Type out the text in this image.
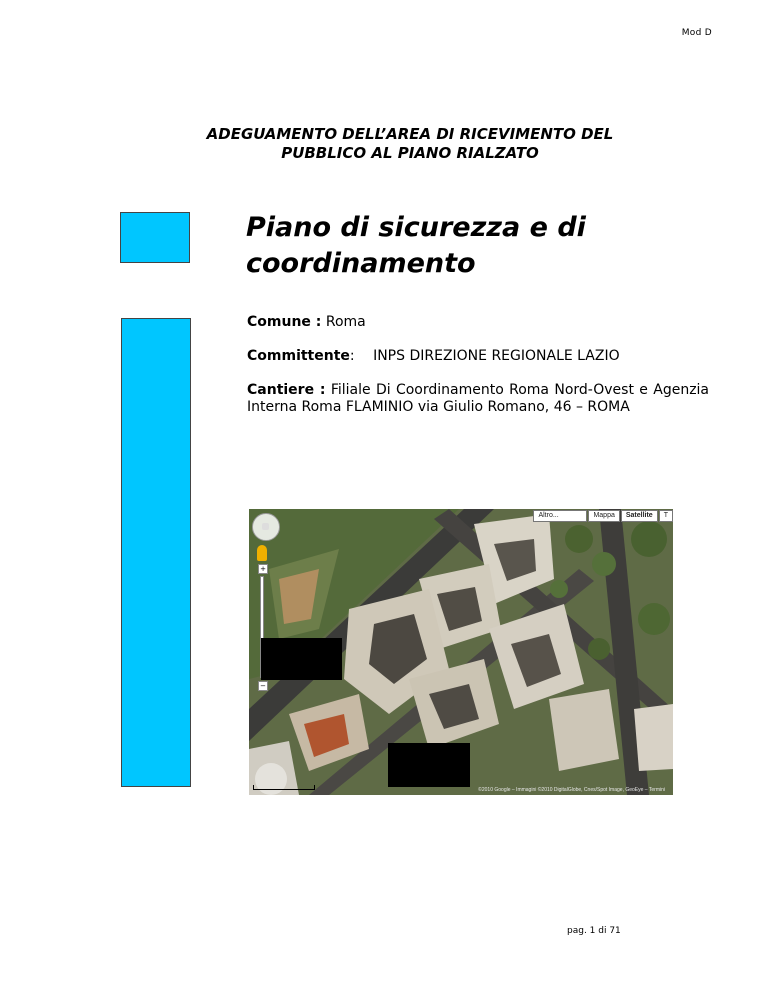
Mod D
ADEGUAMENTO DELL’AREA DI RICEVIMENTO DEL
PUBBLICO AL PIANO RIALZATO
Piano di sicurezza e di
coordinamento
Comune : Roma
Committente: INPS DIREZIONE REGIONALE LAZIO
Cantiere : Filiale Di Coordinamento Roma Nord-Ovest e Agenzia Interna Roma FLAMINIO via Giulio Romano, 46 – ROMA
Altro...	Mappa	Satellite	T
+
−
©2010 Google – Immagini ©2010 DigitalGlobe, Cnes/Spot Image, GeoEye – Termini
pag. 1 di 71
